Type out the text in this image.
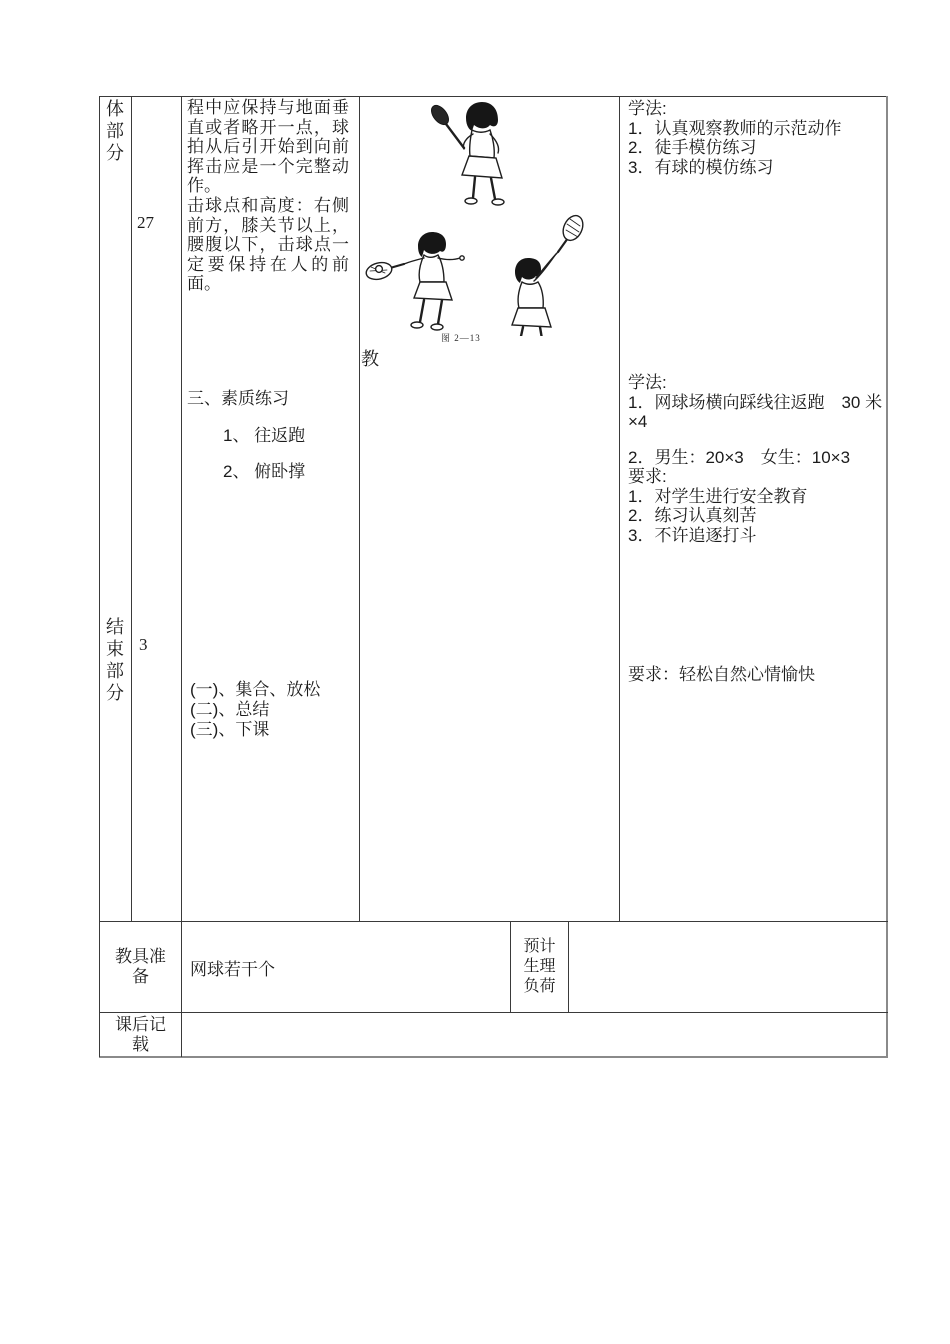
体部分
结束部分
27
3
程中应保持与地面垂直或者略开一点，球拍从后引开始到向前挥击应是一个完整动作。
击球点和高度：右侧前方，膝关节以上，腰腹以下，击球点一定要保持在人的前面。
三、素质练习
1、 往返跑
2、 俯卧撑
(一)、集合、放松
(二)、总结
(三)、下课
图 2—13
教
学法:
1．认真观察教师的示范动作
2．徒手模仿练习
3．有球的模仿练习
学法:
1．网球场横向踩线往返跑　30 米
×4
2．男生：20×3　女生：10×3
要求:
1．对学生进行安全教育
2．练习认真刻苦
3．不许追逐打斗
要求：轻松自然心情愉快
教具准备	网球若干个
预计生理负荷
课后记载
